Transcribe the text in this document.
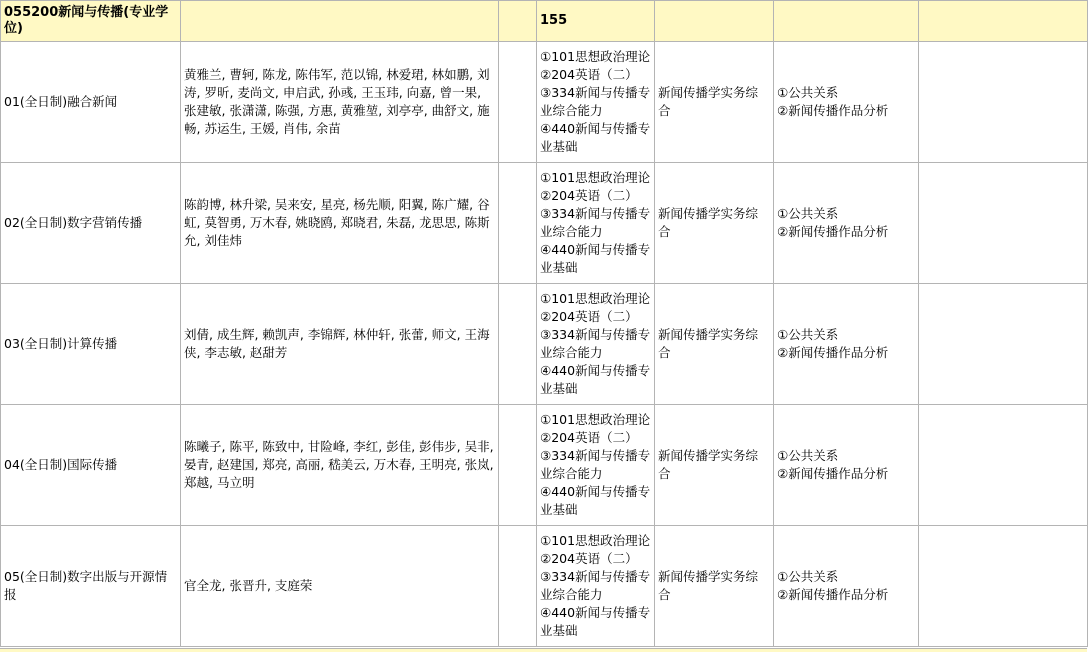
055200新闻与传播(专业学位)			155			
01(全日制)融合新闻	黄雅兰, 曹轲, 陈龙, 陈伟军, 范以锦, 林爱珺, 林如鹏, 刘涛, 罗昕, 麦尚文, 申启武, 孙彧, 王玉玮, 向嘉, 曾一果, 张建敏, 张潇潇, 陈强, 方惠, 黄雅堃, 刘亭亭, 曲舒文, 施畅, 苏运生, 王媛, 肖伟, 余苗		①101思想政治理论
②204英语（二）
③334新闻与传播专业综合能力
④440新闻与传播专业基础	新闻传播学实务综合	①公共关系
②新闻传播作品分析	

02(全日制)数字营销传播	陈韵博, 林升梁, 吴来安, 星亮, 杨先顺, 阳翼, 陈广耀, 谷虹, 莫智勇, 万木春, 姚晓鸥, 郑晓君, 朱磊, 龙思思, 陈斯允, 刘佳炜		①101思想政治理论
②204英语（二）
③334新闻与传播专业综合能力
④440新闻与传播专业基础	新闻传播学实务综合	①公共关系
②新闻传播作品分析	

03(全日制)计算传播	刘倩, 成生辉, 赖凯声, 李锦辉, 林仲轩, 张蕾, 师文, 王海侠, 李志敏, 赵甜芳		①101思想政治理论
②204英语（二）
③334新闻与传播专业综合能力
④440新闻与传播专业基础	新闻传播学实务综合	①公共关系
②新闻传播作品分析	

04(全日制)国际传播	陈曦子, 陈平, 陈致中, 甘险峰, 李红, 彭佳, 彭伟步, 吴非, 晏青, 赵建国, 郑亮, 高丽, 嵇美云, 万木春, 王明亮, 张岚, 郑越, 马立明		①101思想政治理论
②204英语（二）
③334新闻与传播专业综合能力
④440新闻与传播专业基础	新闻传播学实务综合	①公共关系
②新闻传播作品分析	

05(全日制)数字出版与开源情报	官全龙, 张晋升, 支庭荣		①101思想政治理论
②204英语（二）
③334新闻与传播专业综合能力
④440新闻与传播专业基础	新闻传播学实务综合	①公共关系
②新闻传播作品分析	
